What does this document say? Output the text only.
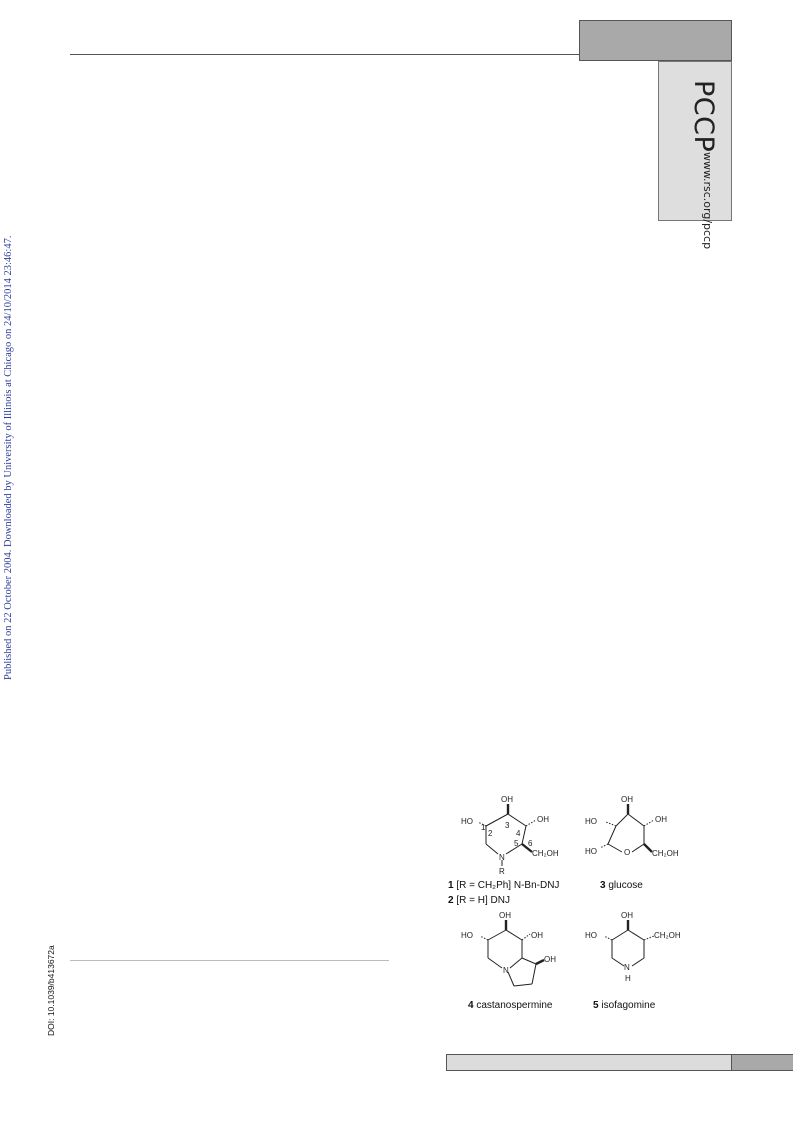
PCCP
www.rsc.org/pccp
Published on 22 October 2004. Downloaded by University of Illinois at Chicago on 24/10/2014 23:46:47.
DOI: 10.1039/b413672a
OH
HO	OH
N
R
CH₂OH
2
3
4
5 6
1
OH
HO	OH
HO	O	CH₂OH
OH
HO	OH
N
OH
OH
HO	CH₂OH
N
H
1 [R = CH₂Ph] N-Bn-DNJ
2 [R = H] DNJ
3 glucose
4 castanospermine	5 isofagomine
